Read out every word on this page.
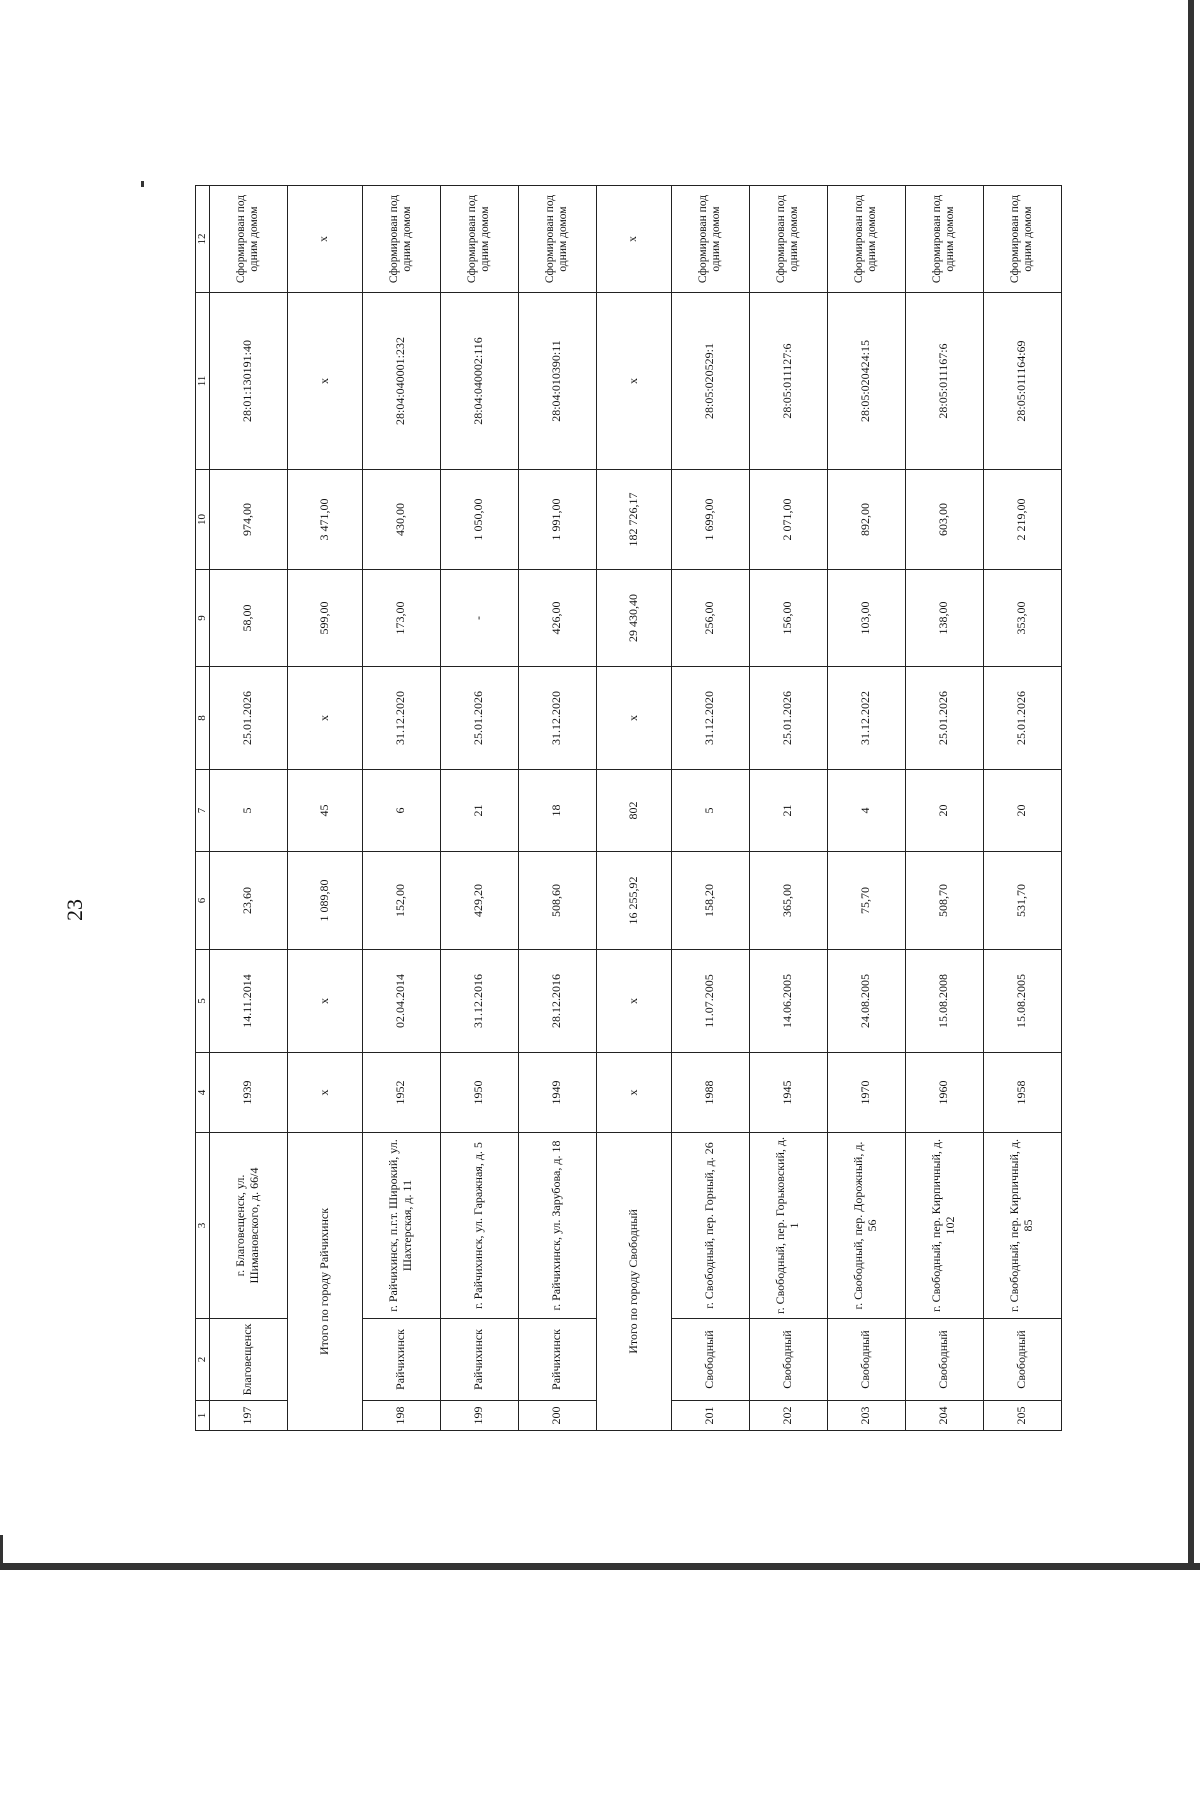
23
1	2	3	4	5	6	7	8	9	10	11	12
197	Благовещенск	г. Благовещенск, ул. Шимановского, д. 66/4	1939	14.11.2014	23,60	5	25.01.2026	58,00	974,00	28:01:130191:40	Сформирован под одним домом
Итого по городу Райчихинск			x	x	1 089,80	45	x	599,00	3 471,00	x	x
198	Райчихинск	г. Райчихинск, п.г.т. Широкий, ул. Шахтерская, д. 11	1952	02.04.2014	152,00	6	31.12.2020	173,00	430,00	28:04:040001:232	Сформирован под одним домом
199	Райчихинск	г. Райчихинск, ул. Гаражная, д. 5	1950	31.12.2016	429,20	21	25.01.2026	-	1 050,00	28:04:040002:116	Сформирован под одним домом
200	Райчихинск	г. Райчихинск, ул. Зарубова, д. 18	1949	28.12.2016	508,60	18	31.12.2020	426,00	1 991,00	28:04:010390:11	Сформирован под одним домом
Итого по городу Свободный			x	x	16 255,92	802	x	29 430,40	182 726,17	x	x
201	Свободный	г. Свободный, пер. Горный, д. 26	1988	11.07.2005	158,20	5	31.12.2020	256,00	1 699,00	28:05:020529:1	Сформирован под одним домом
202	Свободный	г. Свободный, пер. Горьковский, д. 1	1945	14.06.2005	365,00	21	25.01.2026	156,00	2 071,00	28:05:011127:6	Сформирован под одним домом
203	Свободный	г. Свободный, пер. Дорожный, д. 56	1970	24.08.2005	75,70	4	31.12.2022	103,00	892,00	28:05:020424:15	Сформирован под одним домом
204	Свободный	г. Свободный, пер. Кирпичный, д. 102	1960	15.08.2008	508,70	20	25.01.2026	138,00	603,00	28:05:011167:6	Сформирован под одним домом
205	Свободный	г. Свободный, пер. Кирпичный, д. 85	1958	15.08.2005	531,70	20	25.01.2026	353,00	2 219,00	28:05:011164:69	Сформирован под одним домом
